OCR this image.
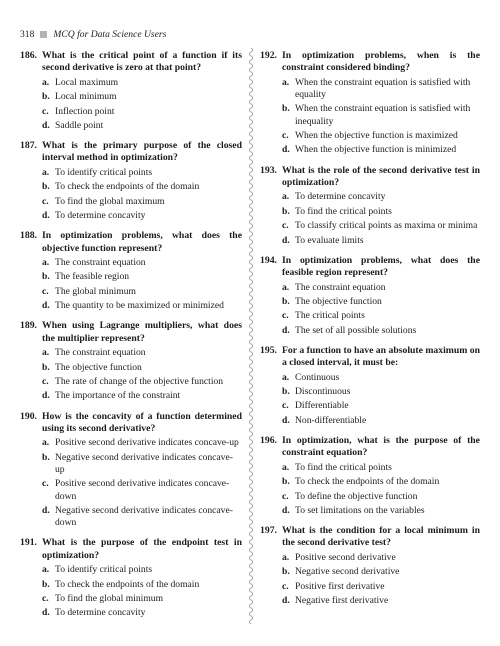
318 MCQ for Data Science Users
186. What is the critical point of a function if its second derivative is zero at that point?
a. Local maximum
b. Local minimum
c. Inflection point
d. Saddle point
187. What is the primary purpose of the closed interval method in optimization?
a. To identify critical points
b. To check the endpoints of the domain
c. To find the global maximum
d. To determine concavity
188. In optimization problems, what does the objective function represent?
a. The constraint equation
b. The feasible region
c. The global minimum
d. The quantity to be maximized or minimized
189. When using Lagrange multipliers, what does the multiplier represent?
a. The constraint equation
b. The objective function
c. The rate of change of the objective function
d. The importance of the constraint
190. How is the concavity of a function determined using its second derivative?
a. Positive second derivative indicates concave-up
b. Negative second derivative indicates concave-up
c. Positive second derivative indicates concave-down
d. Negative second derivative indicates concave-down
191. What is the purpose of the endpoint test in optimization?
a. To identify critical points
b. To check the endpoints of the domain
c. To find the global minimum
d. To determine concavity
192. In optimization problems, when is the constraint considered binding?
a. When the constraint equation is satisfied with equality
b. When the constraint equation is satisfied with inequality
c. When the objective function is maximized
d. When the objective function is minimized
193. What is the role of the second derivative test in optimization?
a. To determine concavity
b. To find the critical points
c. To classify critical points as maxima or minima
d. To evaluate limits
194. In optimization problems, what does the feasible region represent?
a. The constraint equation
b. The objective function
c. The critical points
d. The set of all possible solutions
195. For a function to have an absolute maximum on a closed interval, it must be:
a. Continuous
b. Discontinuous
c. Differentiable
d. Non-differentiable
196. In optimization, what is the purpose of the constraint equation?
a. To find the critical points
b. To check the endpoints of the domain
c. To define the objective function
d. To set limitations on the variables
197. What is the condition for a local minimum in the second derivative test?
a. Positive second derivative
b. Negative second derivative
c. Positive first derivative
d. Negative first derivative
